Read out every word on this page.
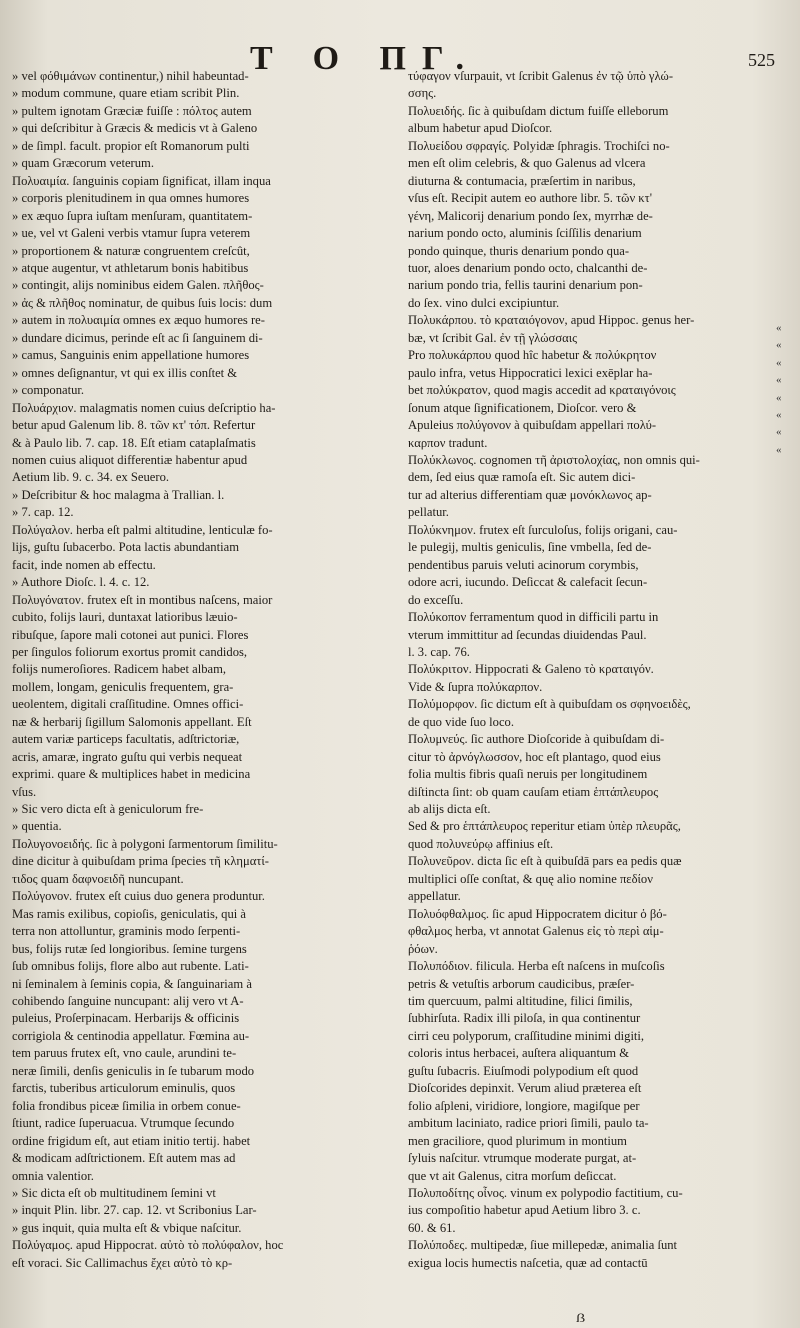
T O ΠΓ.	525

» vel φόθιμάνων continentur,) nihil habeuntad-

» modum commune, quare etiam scribit Plin.

» pultem ignotam Græciæ fuiſſe : πόλτος autem

» qui deſcribitur à Græcis & medicis vt à Galeno

» de ſimpl. facult. propior eſt Romanorum pulti

» quam Græcorum veterum.

Πολυαιμία. ſanguinis copiam ſignificat, illam inqua

» corporis plenitudinem in qua omnes humores

» ex æquo ſupra iuſtam menſuram, quantitatem-

» ue, vel vt Galeni verbis vtamur ſupra veterem

» proportionem & naturæ congruentem creſcût,

» atque augentur, vt athletarum bonis habitibus

» contingit, alijs nominibus eidem Galen. πλῆθος-

» ἀς & πλῆθος nominatur, de quibus ſuis locis: dum

» autem in πολυαιμία omnes ex æquo humores re-

» dundare dicimus, perinde eſt ac ſi ſanguinem di-

» camus, Sanguinis enim appellatione humores

» omnes deſignantur, vt qui ex illis conſtet &

» componatur.

Πολυάρχιον. malagmatis nomen cuius deſcriptio ha-

betur apud Galenum lib. 8. τῶν κτ' τόπ. Refertur

& à Paulo lib. 7. cap. 18. Eſt etiam cataplaſmatis

nomen cuius aliquot differentiæ habentur apud

Aetium lib. 9. c. 34. ex Seuero.

» Deſcribitur & hoc malagma à Trallian. l.

» 7. cap. 12.

Πολύγαλον. herba eſt palmi altitudine, lenticulæ fo-

lijs, guſtu ſubacerbo. Pota lactis abundantiam

facit, inde nomen ab effectu.

» Authore Dioſc. l. 4. c. 12.

Πολυγόνατον. frutex eſt in montibus naſcens, maior

cubito, folijs lauri, duntaxat latioribus læuio-

ribuſque, ſapore mali cotonei aut punici. Flores

per ſingulos foliorum exortus promit candidos,

folijs numeroſiores. Radicem habet albam,

mollem, longam, geniculis frequentem, gra-

ueolentem, digitali craſſitudine. Omnes offici-

næ & herbarij ſigillum Salomonis appellant. Eſt

autem variæ particeps facultatis, adſtrictoriæ,

acris, amaræ, ingrato guſtu qui verbis nequeat

exprimi. quare & multiplices habet in medicina

vſus.

» Sic vero dicta eſt à geniculorum fre-

» quentia.

Πολυγονοειδής. ſic à polygoni ſarmentorum ſimilitu-

dine dicitur à quibuſdam prima ſpecies τῆ κληματί-

τιδος quam δαφνοειδῆ nuncupant.

Πολύγονον. frutex eſt cuius duo genera produntur.

Mas ramis exilibus, copioſis, geniculatis, qui à

terra non attolluntur, graminis modo ſerpenti-

bus, folijs rutæ ſed longioribus. ſemine turgens

ſub omnibus folijs, flore albo aut rubente. Lati-

ni ſeminalem à ſeminis copia, & ſanguinariam à

cohibendo ſanguine nuncupant: alij vero vt A-

puleius, Proſerpinacam. Herbarijs & officinis

corrigiola & centinodia appellatur. Fœmina au-

tem paruus frutex eſt, vno caule, arundini te-

neræ ſimili, denſis geniculis in ſe tubarum modo

farctis, tuberibus articulorum eminulis, quos

folia frondibus piceæ ſimilia in orbem conue-

ſtiunt, radice ſuperuacua. Vtrumque ſecundo

ordine frigidum eſt, aut etiam initio tertij. habet

& modicam adſtrictionem. Eſt autem mas ad

omnia valentior.

» Sic dicta eſt ob multitudinem ſemini vt

» inquit Plin. libr. 27. cap. 12. vt Scribonius Lar-

» gus inquit, quia multa eſt & vbique naſcitur.

Πολύγαμος. apud Hippocrat. αὐτὸ τὸ πολύφαλον, hoc

eſt voraci. Sic Callimachus ἔχει αὐτὸ τὸ κρ-

τύφαγον vſurpauit, vt ſcribit Galenus ἐν τῷ ὑπὸ γλώ-

σσης.

Πολυειδής. ſic à quibuſdam dictum fuiſſe elleborum

album habetur apud Dioſcor.

Πολυείδου σφραγίς. Polyidæ ſphragis. Trochiſci no-

men eſt olim celebris, & quo Galenus ad vlcera

diuturna & contumacia, præſertim in naribus,

vſus eſt. Recipit autem eo authore libr. 5. τῶν κτ'

γένη, Malicorij denarium pondo ſex, myrrhæ de-

narium pondo octo, aluminis ſciſſilis denarium

pondo quinque, thuris denarium pondo qua-

tuor, aloes denarium pondo octo, chalcanthi de-

narium pondo tria, fellis taurini denarium pon-

do ſex. vino dulci excipiuntur.

Πολυκάρπου. τὸ κραταιόγονον, apud Hippoc. genus her-

bæ, vt ſcribit Gal. ἐν τῇ γλώσσαις

Pro πολυκάρπου quod hîc habetur & πολύκρητον

paulo infra, vetus Hippocratici lexici exēplar ha-

bet πολύκρατον, quod magis accedit ad κραταιγόνοις

ſonum atque ſignificationem, Dioſcor. vero &

Apuleius πολύγονον à quibuſdam appellari πολύ-

καρπον tradunt.

Πολύκλωνος. cognomen τῆ ἀριστολοχίας, non omnis qui-

dem, ſed eius quæ ramoſa eſt. Sic autem dici-

tur ad alterius differentiam quæ μονόκλωνος ap-

pellatur.

Πολύκνημον. frutex eſt ſurculoſus, folijs origani, cau-

le pulegij, multis geniculis, ſine vmbella, ſed de-

pendentibus paruis veluti acinorum corymbis,

odore acri, iucundo. Deſiccat & calefacit ſecun-

do exceſſu.

Πολύκοπον ferramentum quod in difficili partu in

vterum immittitur ad ſecundas diuidendas Paul.

l. 3. cap. 76.

Πολύκριτον. Hippocrati & Galeno τὸ κραταιγόν.

Vide & ſupra πολύκαρπον.

Πολύμορφον. ſic dictum eſt à quibuſdam os σφηνοειδὲς,

de quo vide ſuo loco.

Πολυμνεύς. ſic authore Dioſcoride à quibuſdam di-

citur τὸ ἀρνόγλωσσον, hoc eſt plantago, quod eius

folia multis fibris quaſi neruis per longitudinem

diſtincta ſint: ob quam cauſam etiam ἑπτάπλευρος

ab alijs dicta eſt.

Sed & pro ἑπτάπλευρος reperitur etiam ὑπὲρ πλευρᾶς,

quod πολυνεύρῳ affinius eſt.

Πολυνεῦρον. dicta ſic eſt à quibuſdā pars ea pedis quæ

multiplici oſſe conſtat, & quę alio nomine πεδίον

appellatur.

Πολυόφθαλμος. ſic apud Hippocratem dicitur ὁ βό-

φθαλμος herba, vt annotat Galenus εἰς τὸ περὶ αἱμ-

ῥόων.

Πολυπόδιον. filicula. Herba eſt naſcens in muſcoſis

petris & vetuſtis arborum caudicibus, præſer-

tim quercuum, palmi altitudine, filici ſimilis,

ſubhirſuta. Radix illi piloſa, in qua continentur

cirri ceu polyporum, craſſitudine minimi digiti,

coloris intus herbacei, auſtera aliquantum &

guſtu ſubacris. Eiuſmodi polypodium eſt quod

Dioſcorides depinxit. Verum aliud præterea eſt

folio aſpleni, viridiore, longiore, magiſque per

ambitum laciniato, radice priori ſimili, paulo ta-

men graciliore, quod plurimum in montium

ſyluis naſcitur. vtrumque moderate purgat, at-

que vt ait Galenus, citra morſum deſiccat.

Πολυποδίτης οἶνος. vinum ex polypodio factitium, cu-

ius compoſitio habetur apud Aetium libro 3. c.

60. & 61.

Πολύποδες. multipedæ, ſiue millepedæ, animalia ſunt

exigua locis humectis naſcetia, quæ ad contactū

«
«
«
«
«
«
«
«
ẞ
